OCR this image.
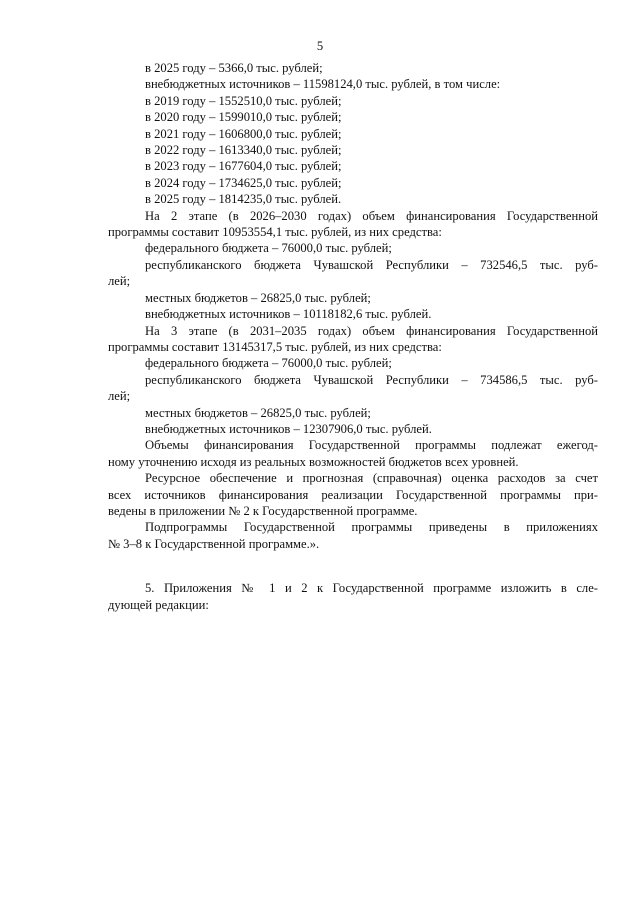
5
в 2025 году – 5366,0 тыс. рублей;
внебюджетных источников – 11598124,0 тыс. рублей, в том числе:
в 2019 году – 1552510,0 тыс. рублей;
в 2020 году – 1599010,0 тыс. рублей;
в 2021 году – 1606800,0 тыс. рублей;
в 2022 году – 1613340,0 тыс. рублей;
в 2023 году – 1677604,0 тыс. рублей;
в 2024 году – 1734625,0 тыс. рублей;
в 2025 году – 1814235,0 тыс. рублей.
На 2 этапе (в 2026–2030 годах) объем финансирования Государственной
программы составит 10953554,1 тыс. рублей, из них средства:
федерального бюджета – 76000,0 тыс. рублей;
республиканского бюджета Чувашской Республики – 732546,5 тыс. руб-
лей;
местных бюджетов – 26825,0 тыс. рублей;
внебюджетных источников – 10118182,6 тыс. рублей.
На 3 этапе (в 2031–2035 годах) объем финансирования Государственной
программы составит 13145317,5 тыс. рублей, из них средства:
федерального бюджета – 76000,0 тыс. рублей;
республиканского бюджета Чувашской Республики – 734586,5 тыс. руб-
лей;
местных бюджетов – 26825,0 тыс. рублей;
внебюджетных источников – 12307906,0 тыс. рублей.
Объемы финансирования Государственной программы подлежат ежегод-
ному уточнению исходя из реальных возможностей бюджетов всех уровней.
Ресурсное обеспечение и прогнозная (справочная) оценка расходов за счет
всех источников финансирования реализации Государственной программы при-
ведены в приложении № 2 к Государственной программе.
Подпрограммы Государственной программы приведены в приложениях
№ 3–8 к Государственной программе.».
5. Приложения № 1 и 2 к Государственной программе изложить в сле-
дующей редакции:
